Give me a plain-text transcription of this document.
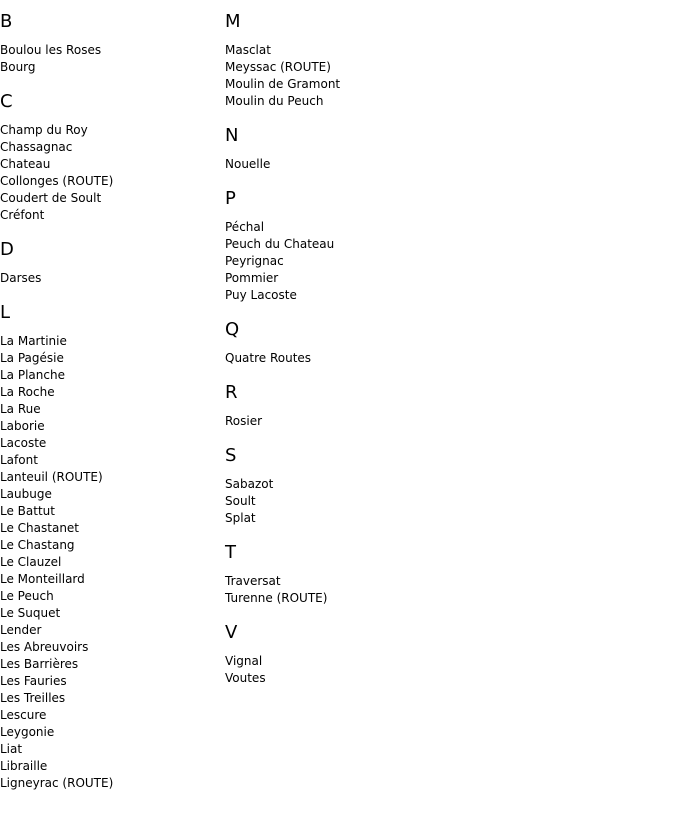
B
Boulou les Roses
Bourg
C
Champ du Roy
Chassagnac
Chateau
Collonges (ROUTE)
Coudert de Soult
Créfont
D
Darses
L
La Martinie
La Pagésie
La Planche
La Roche
La Rue
Laborie
Lacoste
Lafont
Lanteuil (ROUTE)
Laubuge
Le Battut
Le Chastanet
Le Chastang
Le Clauzel
Le Monteillard
Le Peuch
Le Suquet
Lender
Les Abreuvoirs
Les Barrières
Les Fauries
Les Treilles
Lescure
Leygonie
Liat
Libraille
Ligneyrac (ROUTE)
M
Masclat
Meyssac (ROUTE)
Moulin de Gramont
Moulin du Peuch
N
Nouelle
P
Péchal
Peuch du Chateau
Peyrignac
Pommier
Puy Lacoste
Q
Quatre Routes
R
Rosier
S
Sabazot
Soult
Splat
T
Traversat
Turenne (ROUTE)
V
Vignal
Voutes
